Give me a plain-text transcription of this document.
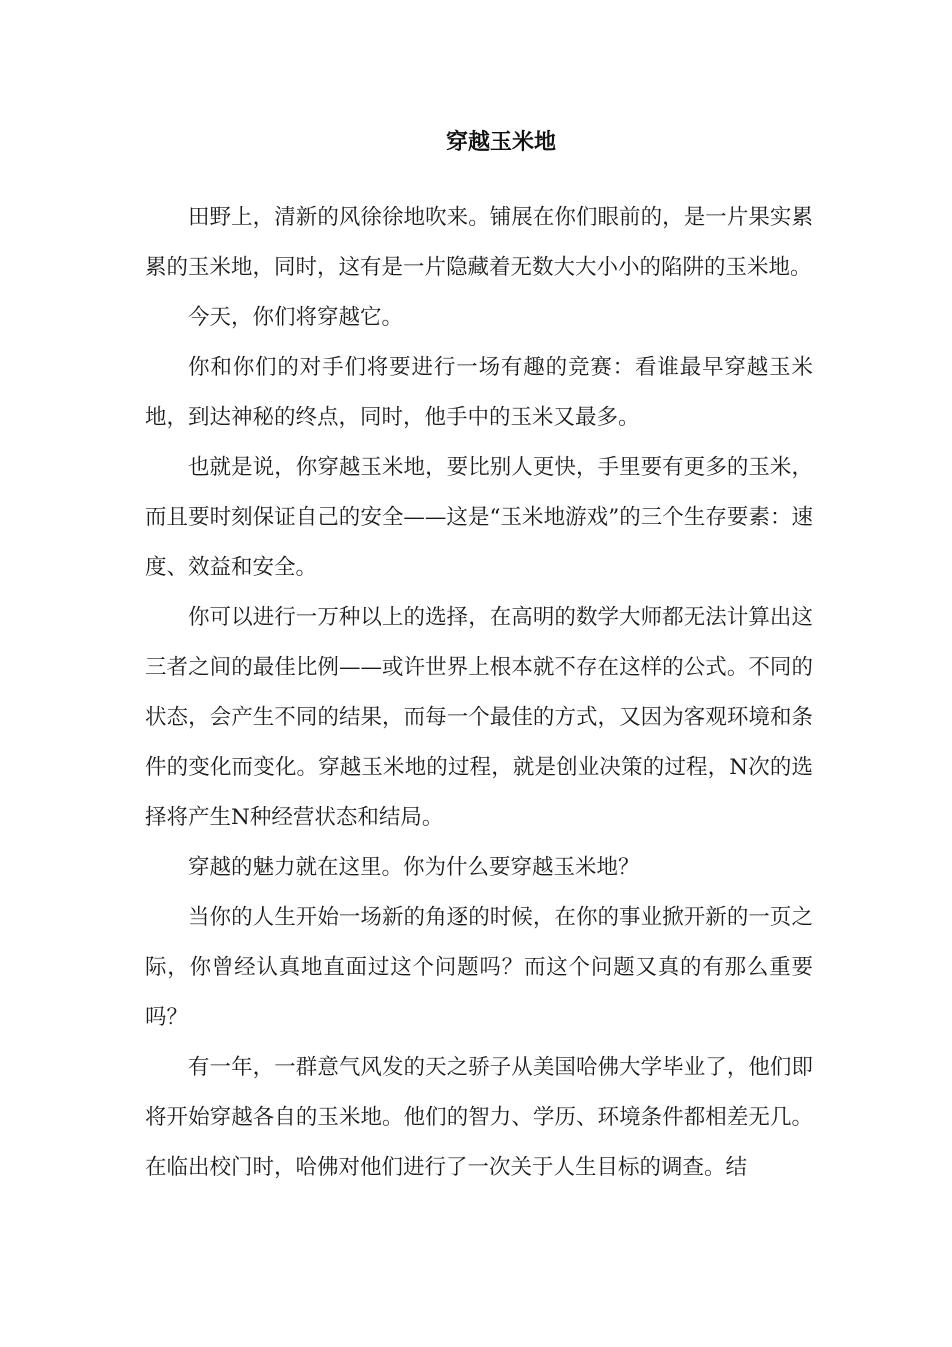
穿越玉米地

田野上，清新的风徐徐地吹来。铺展在你们眼前的，是一片果实累累的玉米地，同时，这有是一片隐藏着无数大大小小的陷阱的玉米地。

今天，你们将穿越它。

你和你们的对手们将要进行一场有趣的竞赛：看谁最早穿越玉米地，到达神秘的终点，同时，他手中的玉米又最多。

也就是说，你穿越玉米地，要比别人更快，手里要有更多的玉米，而且要时刻保证自己的安全——这是“玉米地游戏”的三个生存要素：速度、效益和安全。

你可以进行一万种以上的选择，在高明的数学大师都无法计算出这三者之间的最佳比例——或许世界上根本就不存在这样的公式。不同的状态，会产生不同的结果，而每一个最佳的方式，又因为客观环境和条件的变化而变化。穿越玉米地的过程，就是创业决策的过程，N次的选择将产生N种经营状态和结局。

穿越的魅力就在这里。你为什么要穿越玉米地？

当你的人生开始一场新的角逐的时候，在你的事业掀开新的一页之际，你曾经认真地直面过这个问题吗？而这个问题又真的有那么重要吗？

有一年，一群意气风发的天之骄子从美国哈佛大学毕业了，他们即将开始穿越各自的玉米地。他们的智力、学历、环境条件都相差无几。在临出校门时，哈佛对他们进行了一次关于人生目标的调查。结
